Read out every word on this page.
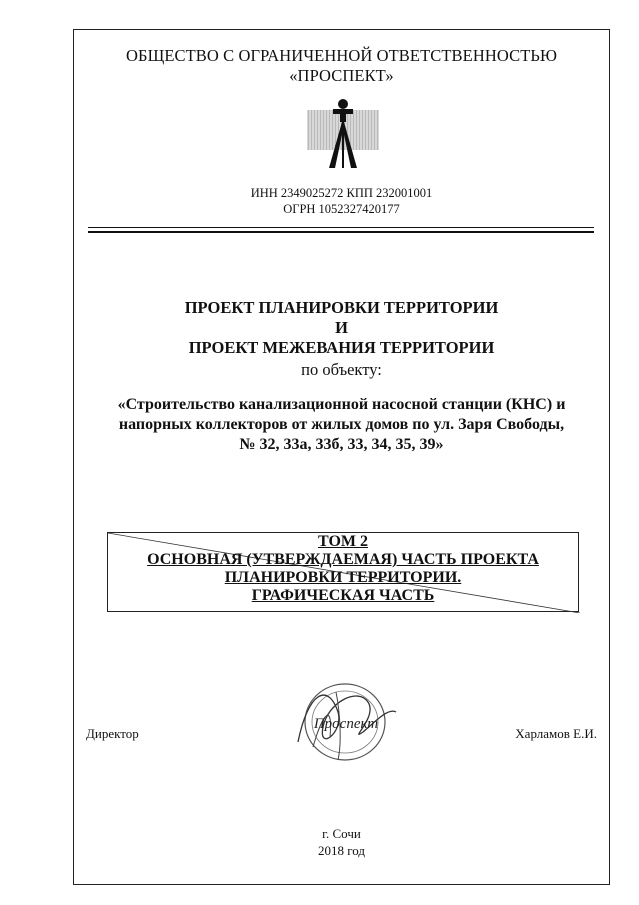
ОБЩЕСТВО С ОГРАНИЧЕННОЙ ОТВЕТСТВЕННОСТЬЮ
«ПРОСПЕКТ»
ИНН 2349025272 КПП 232001001
ОГРН 1052327420177
ПРОЕКТ ПЛАНИРОВКИ ТЕРРИТОРИИ
И
ПРОЕКТ МЕЖЕВАНИЯ ТЕРРИТОРИИ
по объекту:
«Строительство канализационной насосной станции (КНС) и
напорных коллекторов от жилых домов по ул. Заря Свободы,
№ 32, 33а, 33б, 33, 34, 35, 39»
ТОМ 2
ОСНОВНАЯ (УТВЕРЖДАЕМАЯ) ЧАСТЬ ПРОЕКТА
ПЛАНИРОВКИ ТЕРРИТОРИИ.
ГРАФИЧЕСКАЯ ЧАСТЬ
Директор
Проспект
Харламов Е.И.
г. Сочи
2018 год
